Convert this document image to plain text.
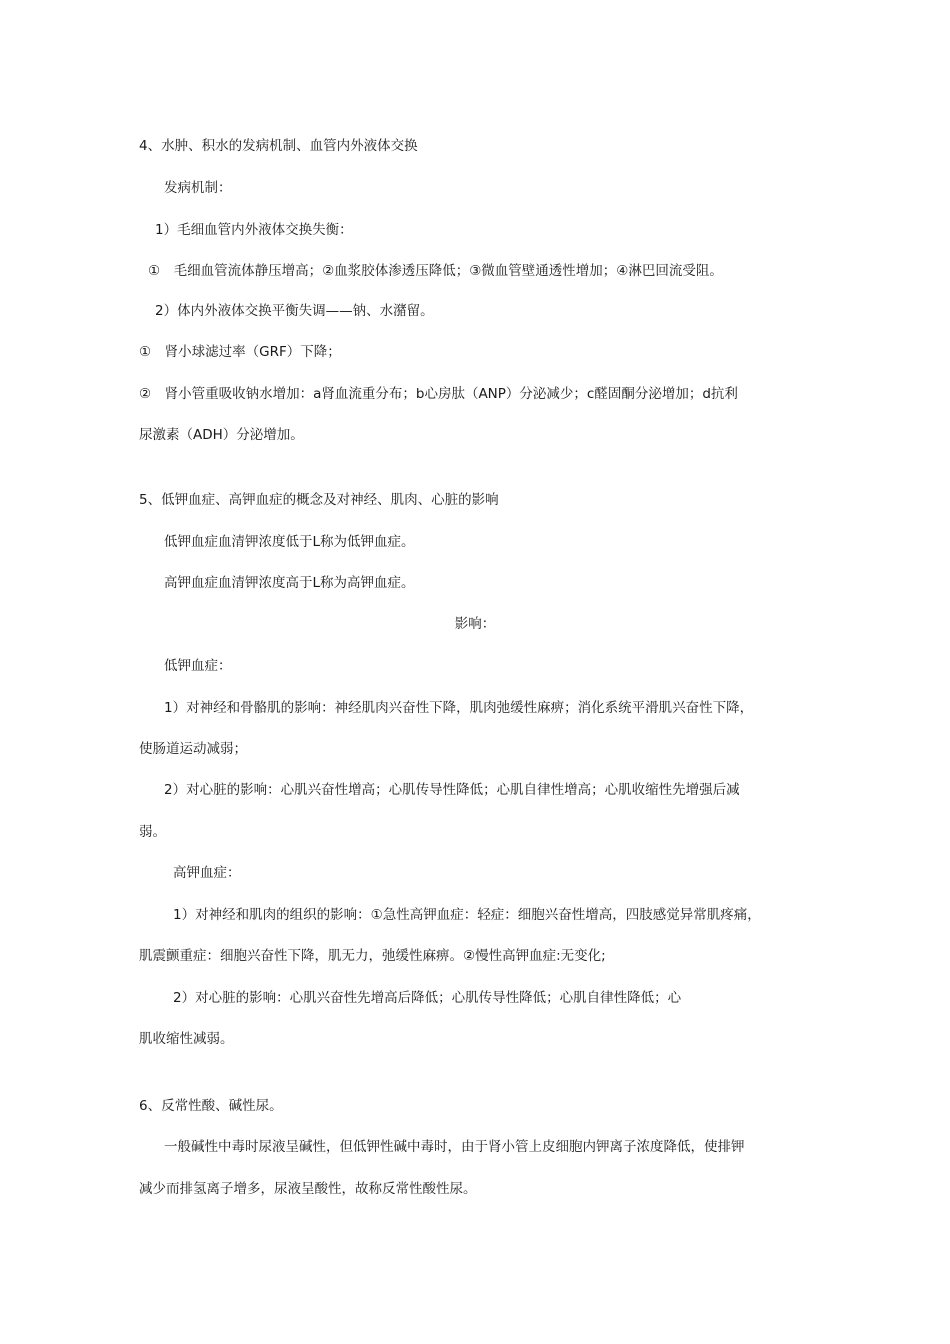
4、水肿、积水的发病机制、血管内外液体交换
发病机制：
1）毛细血管内外液体交换失衡：
①　毛细血管流体静压增高；②血浆胶体渗透压降低；③微血管壁通透性增加；④淋巴回流受阻。
2）体内外液体交换平衡失调——钠、水潴留。
①　肾小球滤过率（GRF）下降；
②　肾小管重吸收钠水增加：a肾血流重分布；b心房肽（ANP）分泌减少；c醛固酮分泌增加；d抗利
尿激素（ADH）分泌增加。
5、低钾血症、高钾血症的概念及对神经、肌肉、心脏的影响
低钾血症血清钾浓度低于L称为低钾血症。
高钾血症血清钾浓度高于L称为高钾血症。
影响：
低钾血症：
1）对神经和骨骼肌的影响：神经肌肉兴奋性下降，肌肉弛缓性麻痹；消化系统平滑肌兴奋性下降，
使肠道运动减弱；
2）对心脏的影响：心肌兴奋性增高；心肌传导性降低；心肌自律性增高；心肌收缩性先增强后减
弱。
高钾血症：
1）对神经和肌肉的组织的影响：①急性高钾血症：轻症：细胞兴奋性增高，四肢感觉异常肌疼痛，
肌震颤重症：细胞兴奋性下降，肌无力，弛缓性麻痹。②慢性高钾血症:无变化;
2）对心脏的影响：心肌兴奋性先增高后降低；心肌传导性降低；心肌自律性降低；心
肌收缩性减弱。
6、反常性酸、碱性尿。
一般碱性中毒时尿液呈碱性，但低钾性碱中毒时，由于肾小管上皮细胞内钾离子浓度降低，使排钾
减少而排氢离子增多，尿液呈酸性，故称反常性酸性尿。
